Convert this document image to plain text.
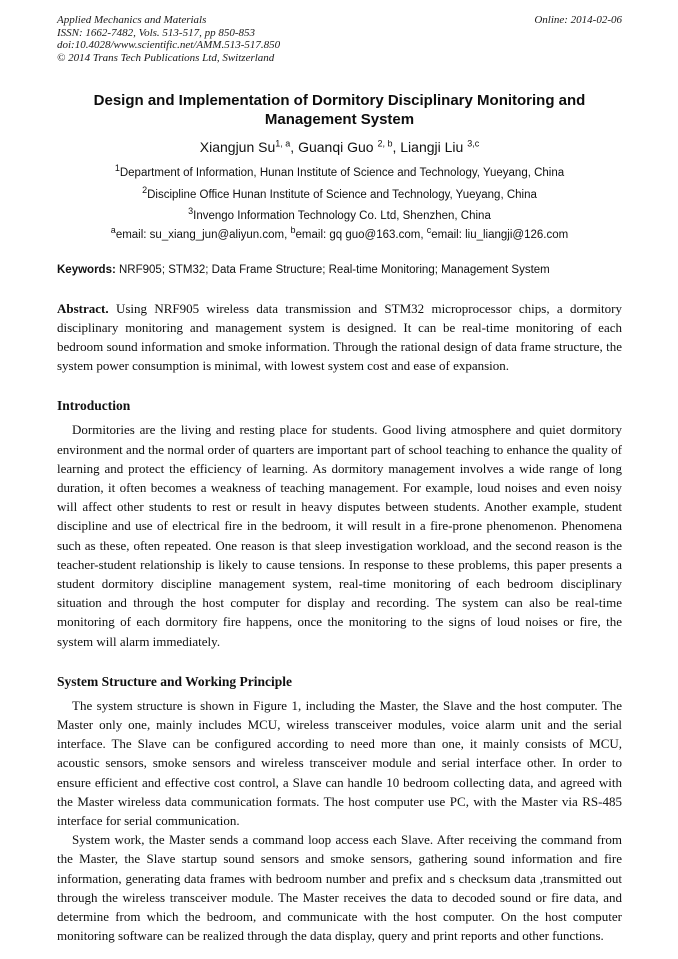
Applied Mechanics and Materials
ISSN: 1662-7482, Vols. 513-517, pp 850-853
doi:10.4028/www.scientific.net/AMM.513-517.850
© 2014 Trans Tech Publications Ltd, Switzerland
Online: 2014-02-06
Design and Implementation of Dormitory Disciplinary Monitoring and Management System
Xiangjun Su$^{1, a}$, Guanqi Guo $^{2, b}$, Liangji Liu $^{3,c}$
$^1$Department of Information, Hunan Institute of Science and Technology, Yueyang, China
$^2$Discipline Office Hunan Institute of Science and Technology, Yueyang, China
$^3$Invengo Information Technology Co. Ltd, Shenzhen, China
$^a$email: su_xiang_jun@aliyun.com, $^b$email: gq guo@163.com, $^c$email: liu_liangji@126.com
Keywords: NRF905; STM32; Data Frame Structure; Real-time Monitoring; Management System
Abstract. Using NRF905 wireless data transmission and STM32 microprocessor chips, a dormitory disciplinary monitoring and management system is designed. It can be real-time monitoring of each bedroom sound information and smoke information. Through the rational design of data frame structure, the system power consumption is minimal, with lowest system cost and ease of expansion.
Introduction
Dormitories are the living and resting place for students. Good living atmosphere and quiet dormitory environment and the normal order of quarters are important part of school teaching to enhance the quality of learning and protect the efficiency of learning. As dormitory management involves a wide range of long duration, it often becomes a weakness of teaching management. For example, loud noises and even noisy will affect other students to rest or result in heavy disputes between students. Another example, student discipline and use of electrical fire in the bedroom, it will result in a fire-prone phenomenon. Phenomena such as these, often repeated. One reason is that sleep investigation workload, and the second reason is the teacher-student relationship is likely to cause tensions. In response to these problems, this paper presents a student dormitory discipline management system, real-time monitoring of each bedroom disciplinary situation and through the host computer for display and recording. The system can also be real-time monitoring of each dormitory fire happens, once the monitoring to the signs of loud noises or fire, the system will alarm immediately.
System Structure and Working Principle
The system structure is shown in Figure 1, including the Master, the Slave and the host computer. The Master only one, mainly includes MCU, wireless transceiver modules, voice alarm unit and the serial interface. The Slave can be configured according to need more than one, it mainly consists of MCU, acoustic sensors, smoke sensors and wireless transceiver module and serial interface other. In order to ensure efficient and effective cost control, a Slave can handle 10 bedroom collecting data, and agreed with the Master wireless data communication formats. The host computer use PC, with the Master via RS-485 interface for serial communication.
System work, the Master sends a command loop access each Slave. After receiving the command from the Master, the Slave startup sound sensors and smoke sensors, gathering sound information and fire information, generating data frames with bedroom number and prefix and s checksum data ,transmitted out through the wireless transceiver module. The Master receives the data to decoded sound or fire data, and determine from which the bedroom, and communicate with the host computer. On the host computer monitoring software can be realized through the data display, query and print reports and other functions.
